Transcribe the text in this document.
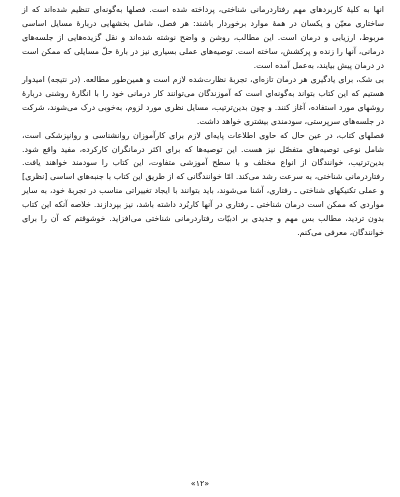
انها به کلیهٔ کاربردهای مهم رفتاردرمانی شناختی، پرداخته شده است. فصلها به‌گونه‌ای تنظیم شده‌اند که از ساختاری معیّن و یکسان در همهٔ موارد برخوردار باشند: هر فصل، شامل بخشهایی دربارهٔ مسایل اساسی مربوط، ارزیابی و درمان است. این مطالب، روشن و واضح نوشته شده‌اند و نقل گزیده‌هایی از جلسه‌های درمانی، آنها را زنده و پرکشش، ساخته است. توصیه‌های عملی بسیاری نیز در بارهٔ حلّ مسایلی که ممکن است در درمان پیش بیایند، به‌عمل آمده است.

بی شک، برای یادگیری هر درمان تازه‌ای، تجربهٔ نظارت‌شده لازم است و همین‌طور مطالعه. (در نتیجه) امیدوار هستیم که این کتاب بتواند به‌گونه‌ای است که آموزندگان می‌توانند کار درمانی خود را با انگارهٔ روشنی دربارهٔ روشهای مورد استفاده، آغاز کنند. و چون بدین‌ترتیب، مسایل نظری مورد لزوم، به‌خوبی درک می‌شوند، شرکت در جلسه‌های سرپرستی، سودمندی بیشتری خواهد داشت.

فصلهای کتاب، در عین حال که حاوی اطلاعات پایه‌ای لازم برای کارآموزان روانشناسی و روانپزشکی است، شامل نوعی توصیه‌های متفصّل نیز هست. این توصیه‌ها که برای اکثر درمانگران کارکرده، مفید واقع شود. بدین‌ترتیب، خوانندگان از انواع مختلف و با سطح آموزشی متفاوت، این کتاب را سودمند خواهند یافت. رفتاردرمانی شناختی، به سرعت رشد می‌کند. امّا خوانندگانی که از طریق این کتاب با جنبه‌های اساسی [نظری] و عملی تکنیکهای شناختی ـ رفتاری، آشنا می‌شوند، باید بتوانند با ایجاد تغییراتی مناسب در تجربهٔ خود، به سایر مواردی که ممکن است درمان شناختی ـ رفتاری در آنها کاربُرد داشته باشد، نیز بپردازند. خلاصه آنکه این کتاب بدون تردید، مطالب بس مهم و جدیدی بر ادبیّات رفتاردرمانی شناختی می‌افزاید. خوشوقتم که آن را برای خوانندگان، معرفی می‌کنم.

«۱۲»
